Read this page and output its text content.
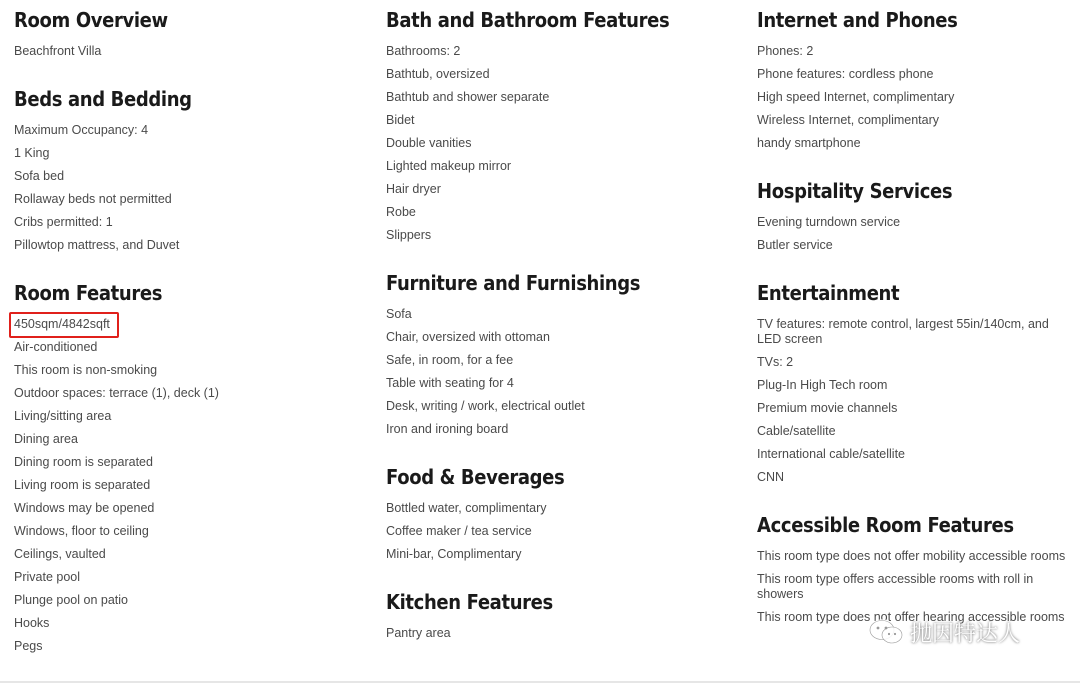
Room Overview
Beachfront Villa
Beds and Bedding
Maximum Occupancy: 4
1 King
Sofa bed
Rollaway beds not permitted
Cribs permitted: 1
Pillowtop mattress, and Duvet
Room Features
450sqm/4842sqft
Air-conditioned
This room is non-smoking
Outdoor spaces: terrace (1), deck (1)
Living/sitting area
Dining area
Dining room is separated
Living room is separated
Windows may be opened
Windows, floor to ceiling
Ceilings, vaulted
Private pool
Plunge pool on patio
Hooks
Pegs
Bath and Bathroom Features
Bathrooms: 2
Bathtub, oversized
Bathtub and shower separate
Bidet
Double vanities
Lighted makeup mirror
Hair dryer
Robe
Slippers
Furniture and Furnishings
Sofa
Chair, oversized with ottoman
Safe, in room, for a fee
Table with seating for 4
Desk, writing / work, electrical outlet
Iron and ironing board
Food & Beverages
Bottled water, complimentary
Coffee maker / tea service
Mini-bar, Complimentary
Kitchen Features
Pantry area
Internet and Phones
Phones: 2
Phone features: cordless phone
High speed Internet, complimentary
Wireless Internet, complimentary
handy smartphone
Hospitality Services
Evening turndown service
Butler service
Entertainment
TV features: remote control, largest 55in/140cm, and LED screen
TVs: 2
Plug-In High Tech room
Premium movie channels
Cable/satellite
International cable/satellite
CNN
Accessible Room Features
This room type does not offer mobility accessible rooms
This room type offers accessible rooms with roll in showers
This room type does not offer hearing accessible rooms
抛因特达人
